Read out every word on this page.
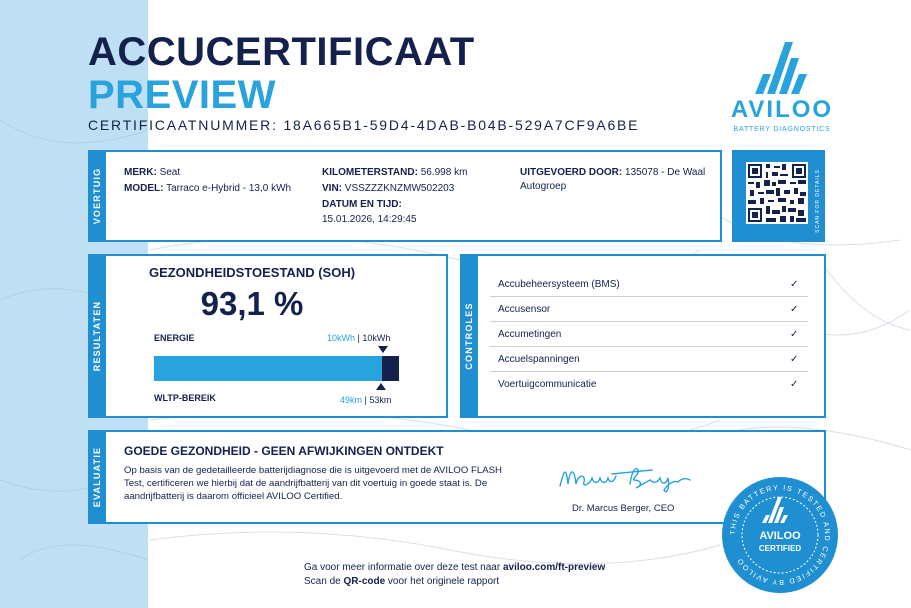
ACCUCERTIFICAAT
PREVIEW
CERTIFICAATNUMMER: 18A665B1-59D4-4DAB-B04B-529A7CF9A6BE
AVILOO
BATTERY DIAGNOSTICS
VOERTUIG MERK: Seat
MODEL: Tarraco e-Hybrid - 13,0 kWh
KILOMETERSTAND: 56.998 km
VIN: VSSZZZKNZMW502203
DATUM EN TIJD:
15.01.2026, 14:29:45
UITGEVOERD DOOR: 135078 - De Waal
Autogroep	SCAN FOR DETAILS
RESULTATEN
GEZONDHEIDSTOESTAND (SOH)
93,1 %
ENERGIE	10kWh | 10kWh
WLTP-BEREIK	49km | 53km
CONTROLES
Accubeheersysteem (BMS)	✓
Accusensor	✓
Accumetingen	✓
Accuelspanningen	✓
Voertuigcommunicatie	✓
EVALUATIE GOEDE GEZONDHEID - GEEN AFWIJKINGEN ONTDEKT
Op basis van de gedetailleerde batterijdiagnose die is uitgevoerd met de AVILOO FLASH Test, certificeren we hierbij dat de aandrijfbatterij van dit voertuig in goede staat is. De aandrijfbatterij is daarom officieel AVILOO Certified.
Dr. Marcus Berger, CEO
THIS BATTERY IS TESTED AND CERTIFIED BY AVILOO
AVILOO
CERTIFIED
Ga voor meer informatie over deze test naar aviloo.com/ft-preview
Scan de QR-code voor het originele rapport
